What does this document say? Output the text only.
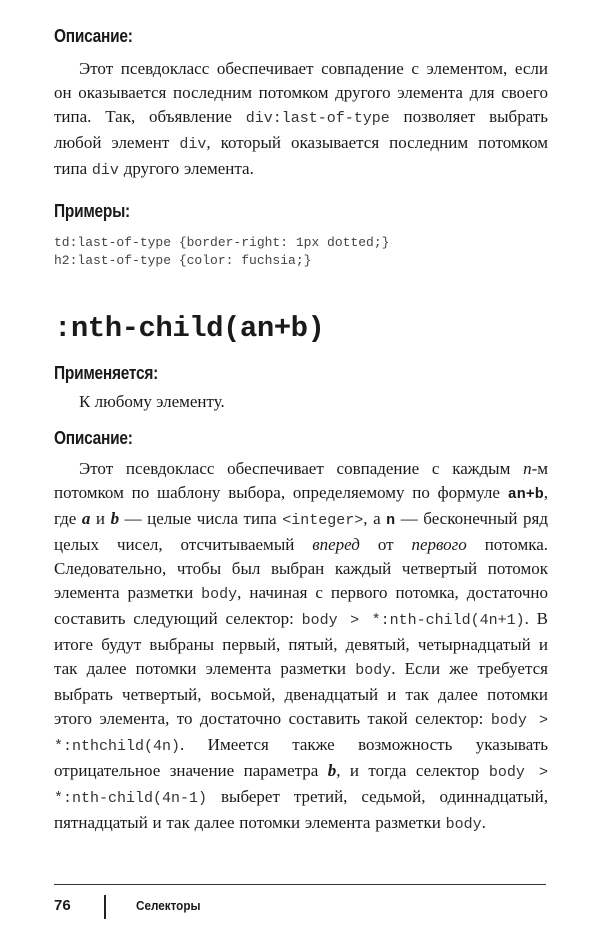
Описание:

Этот псевдокласс обеспечивает совпадение с элементом, если он оказывается последним потомком другого элемента для своего типа. Так, объявление div:last-of-type позволяет выбрать любой элемент div, который оказывается последним потомком типа div другого элемента.

Примеры:

td:last-of-type {border-right: 1px dotted;}

h2:last-of-type {color: fuchsia;}

:nth-child(an+b)
Применяется:

К любому элементу.

Описание:

Этот псевдокласс обеспечивает совпадение с каждым n-м потомком по шаблону выбора, определяемому по формуле an+b, где a и b — целые числа типа <integer>, а n — бесконечный ряд целых чисел, отсчитываемый вперед от первого потомка. Следовательно, чтобы был выбран каждый четвертый потомок элемента разметки body, начиная с первого потомка, достаточно составить следующий селектор: body > *:nth-child(4n+1). В итоге будут выбраны первый, пятый, девятый, четырнадцатый и так далее потомки элемента разметки body. Если же требуется выбрать четвертый, восьмой, двенадцатый и так далее потомки этого элемента, то достаточно составить такой селектор: body > *:nthchild(4n). Имеется также возможность указывать отрицательное значение параметра b, и тогда селектор body > *:nth-child(4n-1) выберет третий, седьмой, одиннадцатый, пятнадцатый и так далее потомки элемента разметки body.

76	Селекторы
